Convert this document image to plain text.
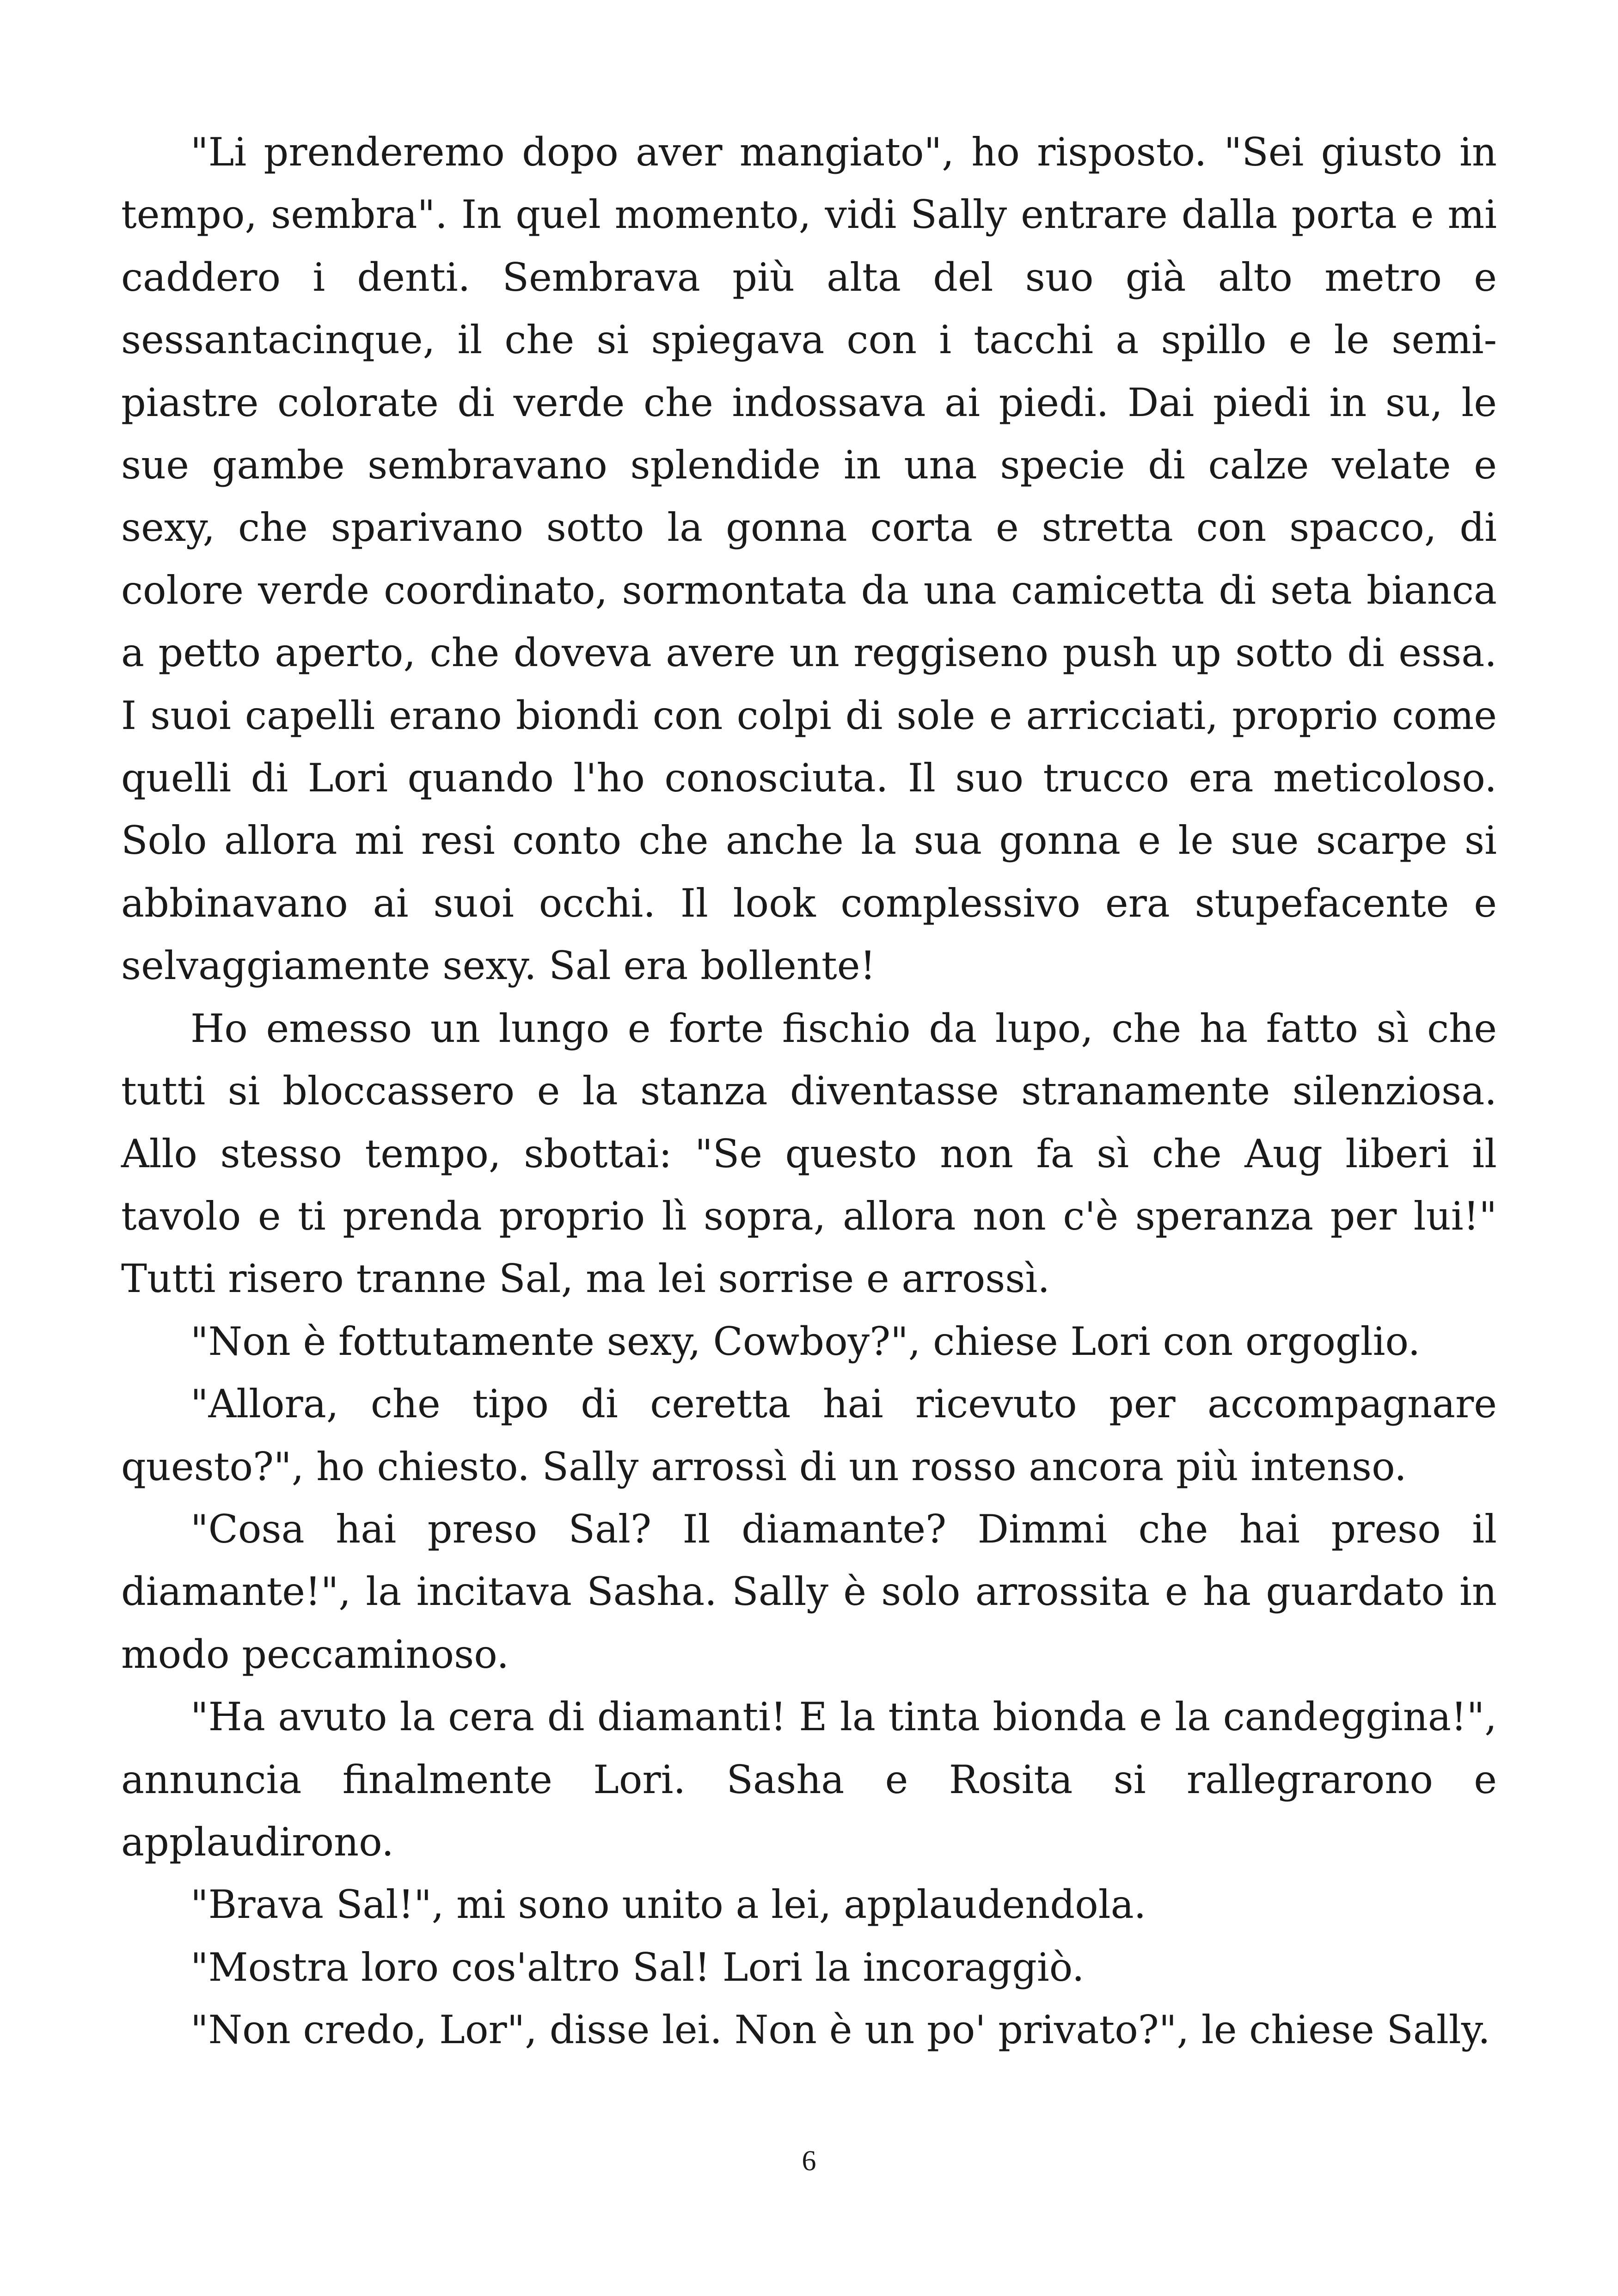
"Li prenderemo dopo aver mangiato", ho risposto. "Sei giusto in tempo, sembra". In quel momento, vidi Sally entrare dalla porta e mi caddero i denti. Sembrava più alta del suo già alto metro e sessantacinque, il che si spiegava con i tacchi a spillo e le semi-piastre colorate di verde che indossava ai piedi. Dai piedi in su, le sue gambe sembravano splendide in una specie di calze velate e sexy, che sparivano sotto la gonna corta e stretta con spacco, di colore verde coordinato, sormontata da una camicetta di seta bianca a petto aperto, che doveva avere un reggiseno push up sotto di essa. I suoi capelli erano biondi con colpi di sole e arricciati, proprio come quelli di Lori quando l'ho conosciuta. Il suo trucco era meticoloso. Solo allora mi resi conto che anche la sua gonna e le sue scarpe si abbinavano ai suoi occhi. Il look complessivo era stupefacente e selvaggiamente sexy. Sal era bollente!

Ho emesso un lungo e forte fischio da lupo, che ha fatto sì che tutti si bloccassero e la stanza diventasse stranamente silenziosa. Allo stesso tempo, sbottai: "Se questo non fa sì che Aug liberi il tavolo e ti prenda proprio lì sopra, allora non c'è speranza per lui!" Tutti risero tranne Sal, ma lei sorrise e arrossì.

"Non è fottutamente sexy, Cowboy?", chiese Lori con orgoglio.

"Allora, che tipo di ceretta hai ricevuto per accompagnare questo?", ho chiesto. Sally arrossì di un rosso ancora più intenso.

"Cosa hai preso Sal? Il diamante? Dimmi che hai preso il diamante!", la incitava Sasha. Sally è solo arrossita e ha guardato in modo peccaminoso.

"Ha avuto la cera di diamanti! E la tinta bionda e la candeggina!", annuncia finalmente Lori. Sasha e Rosita si rallegrarono e applaudirono.

"Brava Sal!", mi sono unito a lei, applaudendola.

"Mostra loro cos'altro Sal! Lori la incoraggiò.

"Non credo, Lor", disse lei. Non è un po' privato?", le chiese Sally.

6
